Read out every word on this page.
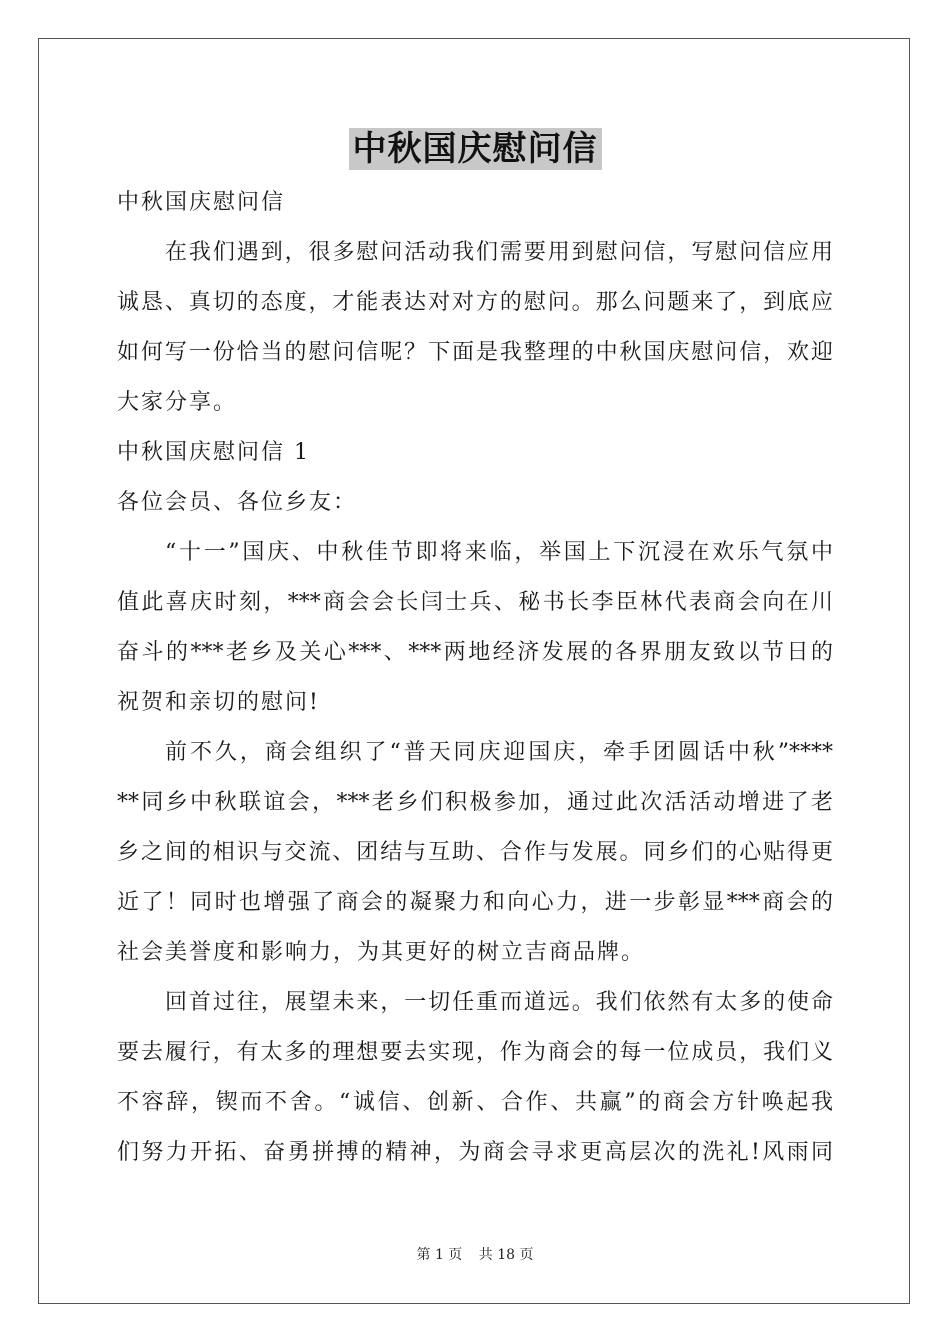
中秋国庆慰问信
中秋国庆慰问信
在我们遇到，很多慰问活动我们需要用到慰问信，写慰问信应用
诚恳、真切的态度，才能表达对对方的慰问。那么问题来了，到底应
如何写一份恰当的慰问信呢？下面是我整理的中秋国庆慰问信，欢迎
大家分享。
中秋国庆慰问信 1
各位会员、各位乡友：
“十一”国庆、中秋佳节即将来临，举国上下沉浸在欢乐气氛中
值此喜庆时刻，***商会会长闫士兵、秘书长李臣林代表商会向在川
奋斗的***老乡及关心***、***两地经济发展的各界朋友致以节日的
祝贺和亲切的慰问!
前不久，商会组织了“普天同庆迎国庆，牵手团圆话中秋”****
**同乡中秋联谊会，***老乡们积极参加，通过此次活活动增进了老
乡之间的相识与交流、团结与互助、合作与发展。同乡们的心贴得更
近了！同时也增强了商会的凝聚力和向心力，进一步彰显***商会的
社会美誉度和影响力，为其更好的树立吉商品牌。
回首过往，展望未来，一切任重而道远。我们依然有太多的使命
要去履行，有太多的理想要去实现，作为商会的每一位成员，我们义
不容辞，锲而不舍。“诚信、创新、合作、共赢”的商会方针唤起我
们努力开拓、奋勇拼搏的精神，为商会寻求更高层次的洗礼!风雨同
第 1 页 共 18 页
